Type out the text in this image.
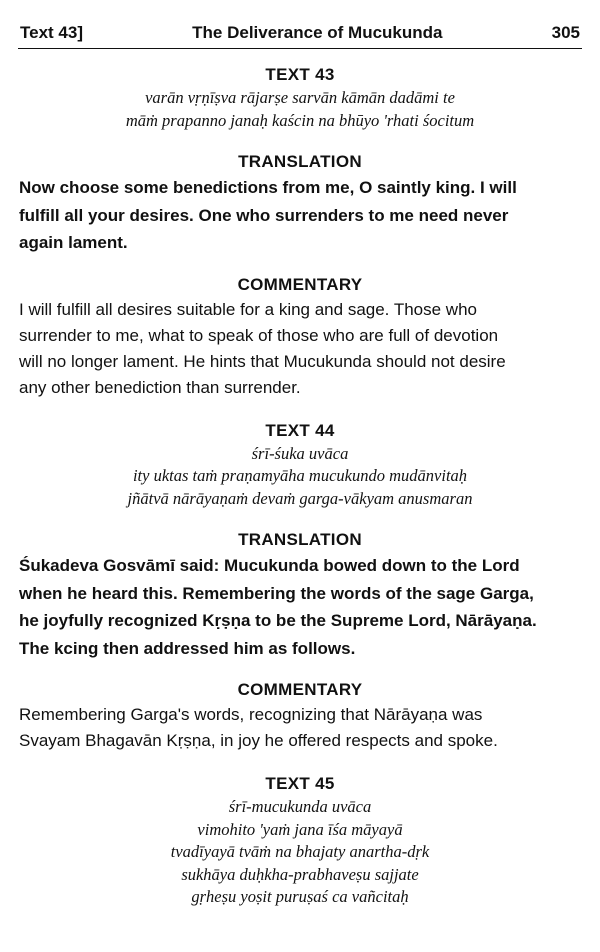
Text 43]	The Deliverance of Mucukunda	305

TEXT 43

varān vṛṇīṣva rājarṣe sarvān kāmān dadāmi te

māṁ prapanno janaḥ kaścin na bhūyo 'rhati śocitum

TRANSLATION

Now choose some benedictions from me, O saintly king. I will
fulfill all your desires. One who surrenders to me need never
again lament.

COMMENTARY

I will fulfill all desires suitable for a king and sage. Those who
surrender to me, what to speak of those who are full of devotion
will no longer lament. He hints that Mucukunda should not desire
any other benediction than surrender.

TEXT 44

śrī-śuka uvāca

ity uktas taṁ praṇamyāha mucukundo mudānvitaḥ

jñātvā nārāyaṇaṁ devaṁ garga-vākyam anusmaran

TRANSLATION

Śukadeva Gosvāmī said: Mucukunda bowed down to the Lord
when he heard this. Remembering the words of the sage Garga,
he joyfully recognized Kṛṣṇa to be the Supreme Lord, Nārāyaṇa.
The kcing then addressed him as follows.

COMMENTARY

Remembering Garga's words, recognizing that Nārāyaṇa was
Svayam Bhagavān Kṛṣṇa, in joy he offered respects and spoke.

TEXT 45

śrī-mucukunda uvāca

vimohito 'yaṁ jana īśa māyayā

tvadīyayā tvāṁ na bhajaty anartha-dṛk

sukhāya duḥkha-prabhaveṣu sajjate

gṛheṣu yoṣit puruṣaś ca vañcitaḥ
